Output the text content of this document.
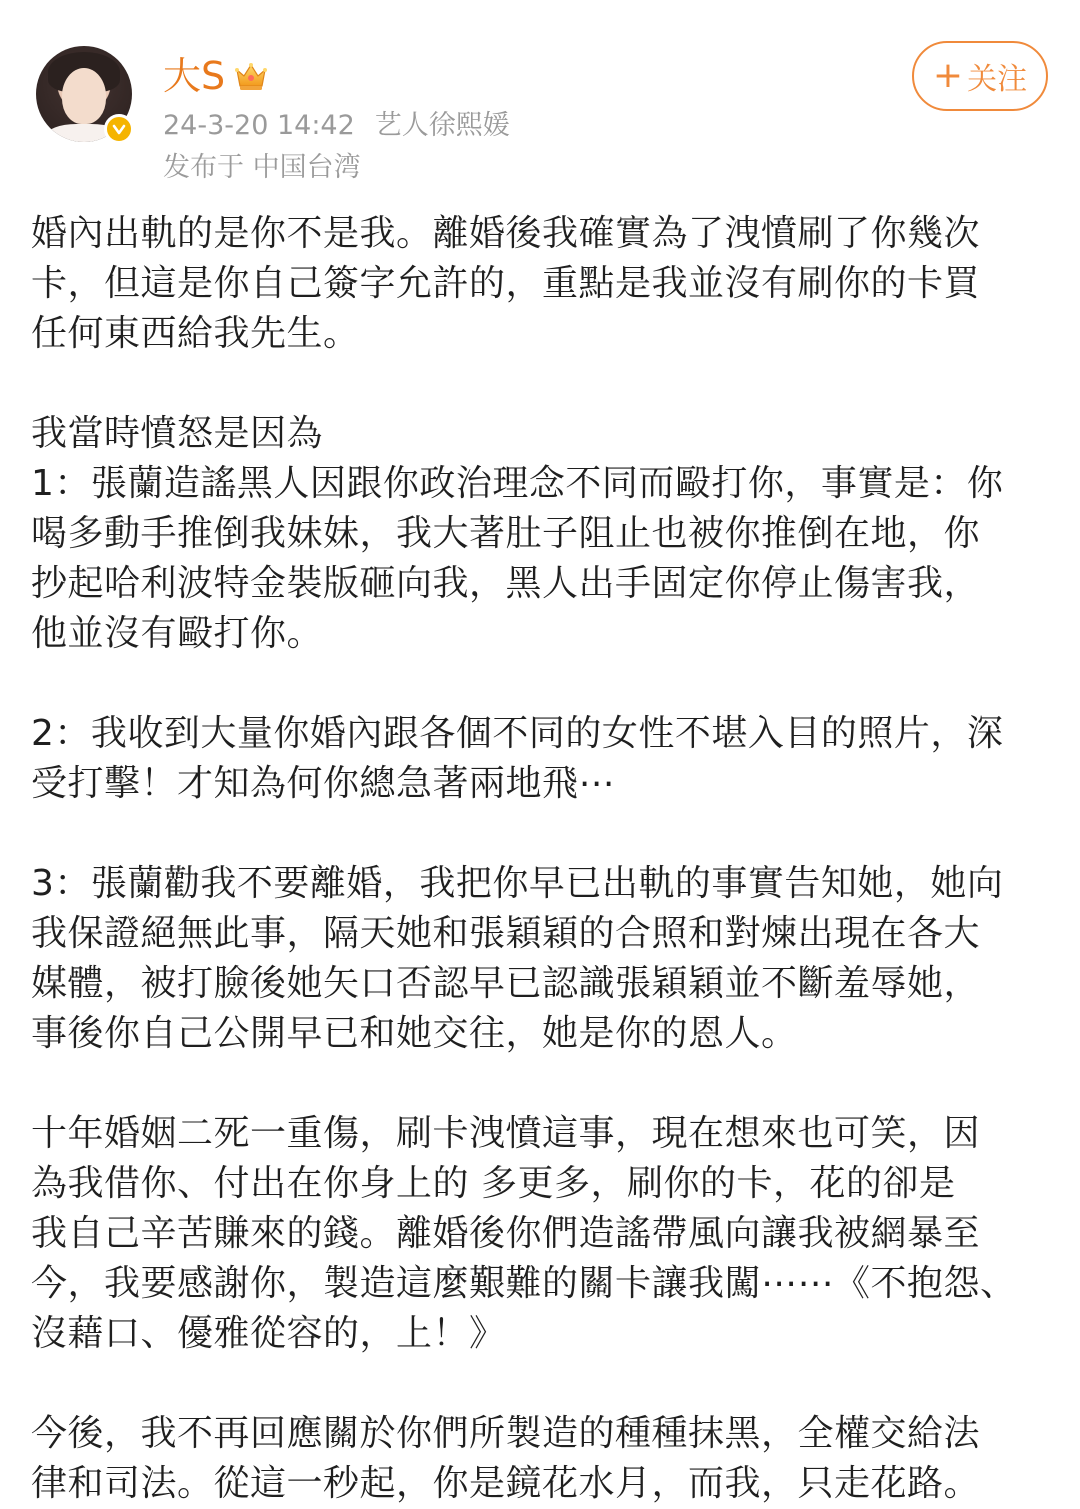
大S
24-3-20 14:42 艺人徐熙媛
发布于 中国台湾
+ 关注
婚內出軌的是你不是我。離婚後我確實為了洩憤刷了你幾次
卡，但這是你自己簽字允許的，重點是我並沒有刷你的卡買
任何東西給我先生。
我當時憤怒是因為
1：張蘭造謠黑人因跟你政治理念不同而毆打你，事實是：你
喝多動手推倒我妹妹，我大著肚子阻止也被你推倒在地，你
抄起哈利波特金裝版砸向我，黑人出手固定你停止傷害我，
他並沒有毆打你。
2：我收到大量你婚內跟各個不同的女性不堪入目的照片，深
受打擊！才知為何你總急著兩地飛⋯
3：張蘭勸我不要離婚，我把你早已出軌的事實告知她，她向
我保證絕無此事，隔天她和張穎穎的合照和對煉出現在各大
媒體，被打臉後她矢口否認早已認識張穎穎並不斷羞辱她，
事後你自己公開早已和她交往，她是你的恩人。
十年婚姻二死一重傷，刷卡洩憤這事，現在想來也可笑，因
為我借你、付出在你身上的 多更多，刷你的卡，花的卻是
我自己辛苦賺來的錢。離婚後你們造謠帶風向讓我被網暴至
今，我要感謝你，製造這麼艱難的關卡讓我闖⋯⋯《不抱怨、
沒藉口、優雅從容的，上！》
今後，我不再回應關於你們所製造的種種抹黑，全權交給法
律和司法。從這一秒起，你是鏡花水月，而我，只走花路。
